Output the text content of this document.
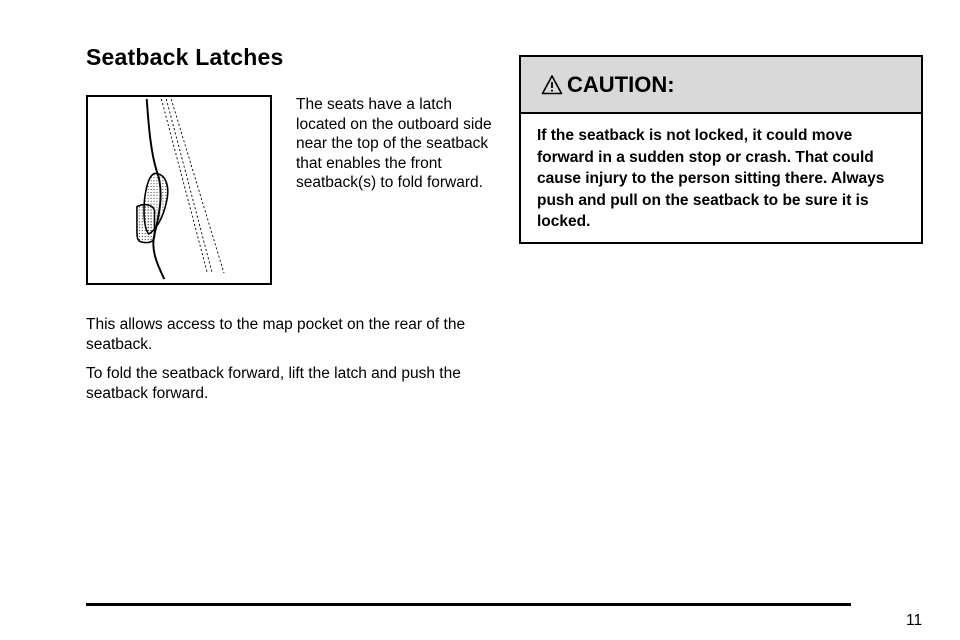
Seatback Latches

The seats have a latch located on the outboard side near the top of the seatback that enables the front seatback(s) to fold forward.

This allows access to the map pocket on the rear of the seatback.

To fold the seatback forward, lift the latch and push the seatback forward.

CAUTION:

If the seatback is not locked, it could move forward in a sudden stop or crash. That could cause injury to the person sitting there. Always push and pull on the seatback to be sure it is locked.

11
